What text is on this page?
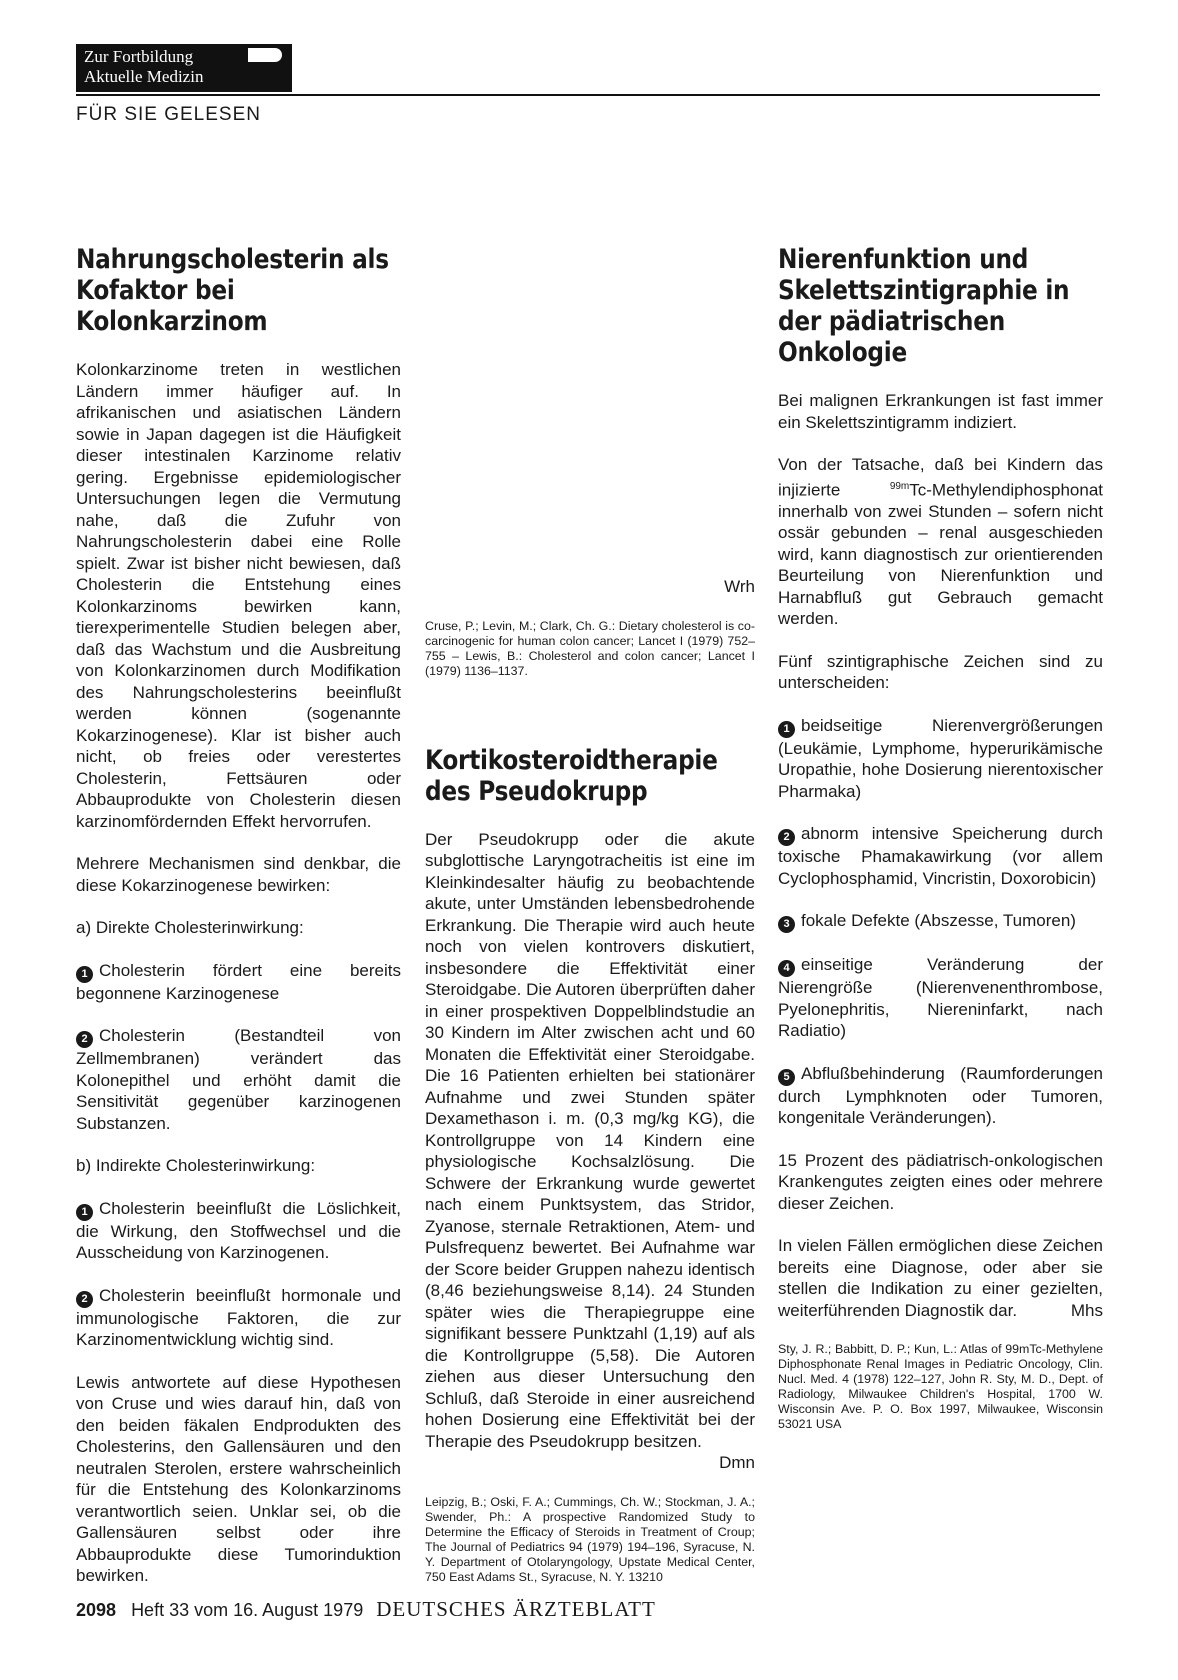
Zur Fortbildung
Aktuelle Medizin
FÜR SIE GELESEN
Nahrungscholesterin als Kofaktor bei Kolonkarzinom

Kolonkarzinome treten in westlichen Ländern immer häufiger auf. In afrikanischen und asiatischen Ländern sowie in Japan dagegen ist die Häufigkeit dieser intestinalen Karzinome relativ gering. Ergebnisse epidemiologischer Untersuchungen legen die Vermutung nahe, daß die Zufuhr von Nahrungscholesterin dabei eine Rolle spielt. Zwar ist bisher nicht bewiesen, daß Cholesterin die Entstehung eines Kolonkarzinoms bewirken kann, tierexperimentelle Studien belegen aber, daß das Wachstum und die Ausbreitung von Kolonkarzinomen durch Modifikation des Nahrungscholesterins beeinflußt werden können (sogenannte Kokarzinogenese). Klar ist bisher auch nicht, ob freies oder verestertes Cholesterin, Fettsäuren oder Abbauprodukte von Cholesterin diesen karzinomfördernden Effekt hervorrufen.

Mehrere Mechanismen sind denkbar, die diese Kokarzinogenese bewirken:

a) Direkte Cholesterinwirkung:

1 Cholesterin fördert eine bereits begonnene Karzinogenese

2 Cholesterin (Bestandteil von Zellmembranen) verändert das Kolonepithel und erhöht damit die Sensitivität gegenüber karzinogenen Substanzen.

b) Indirekte Cholesterinwirkung:

1 Cholesterin beeinflußt die Löslichkeit, die Wirkung, den Stoffwechsel und die Ausscheidung von Karzinogenen.

2 Cholesterin beeinflußt hormonale und immunologische Faktoren, die zur Karzinomentwicklung wichtig sind.

Lewis antwortete auf diese Hypothesen von Cruse und wies darauf hin, daß von den beiden fäkalen Endprodukten des Cholesterins, den Gallensäuren und den neutralen Sterolen, erstere wahrscheinlich für die Entstehung des Kolonkarzinoms verantwortlich seien. Unklar sei, ob die Gallensäuren selbst oder ihre Abbauprodukte diese Tumorinduktion bewirken.

Wrh

Cruse, P.; Levin, M.; Clark, Ch. G.: Dietary cholesterol is co-carcinogenic for human colon cancer; Lancet I (1979) 752–755 – Lewis, B.: Cholesterol and colon cancer; Lancet I (1979) 1136–1137.
Kortikosteroidtherapie des Pseudokrupp

Der Pseudokrupp oder die akute subglottische Laryngotracheitis ist eine im Kleinkindesalter häufig zu beobachtende akute, unter Umständen lebensbedrohende Erkrankung. Die Therapie wird auch heute noch von vielen kontrovers diskutiert, insbesondere die Effektivität einer Steroidgabe. Die Autoren überprüften daher in einer prospektiven Doppelblindstudie an 30 Kindern im Alter zwischen acht und 60 Monaten die Effektivität einer Steroidgabe. Die 16 Patienten erhielten bei stationärer Aufnahme und zwei Stunden später Dexamethason i. m. (0,3 mg/kg KG), die Kontrollgruppe von 14 Kindern eine physiologische Kochsalzlösung. Die Schwere der Erkrankung wurde gewertet nach einem Punktsystem, das Stridor, Zyanose, sternale Retraktionen, Atem- und Pulsfrequenz bewertet. Bei Aufnahme war der Score beider Gruppen nahezu identisch (8,46 beziehungsweise 8,14). 24 Stunden später wies die Therapiegruppe eine signifikant bessere Punktzahl (1,19) auf als die Kontrollgruppe (5,58). Die Autoren ziehen aus dieser Untersuchung den Schluß, daß Steroide in einer ausreichend hohen Dosierung eine Effektivität bei der Therapie des Pseudokrupp besitzen.

Dmn

Leipzig, B.; Oski, F. A.; Cummings, Ch. W.; Stockman, J. A.; Swender, Ph.: A prospective Randomized Study to Determine the Efficacy of Steroids in Treatment of Croup; The Journal of Pediatrics 94 (1979) 194–196, Syracuse, N. Y. Department of Otolaryngology, Upstate Medical Center, 750 East Adams St., Syracuse, N. Y. 13210
Nierenfunktion und Skelettszintigraphie in der pädiatrischen Onkologie

Bei malignen Erkrankungen ist fast immer ein Skelettszintigramm indiziert.

Von der Tatsache, daß bei Kindern das injizierte $^{99m}$Tc-Methylendiphosphonat innerhalb von zwei Stunden – sofern nicht ossär gebunden – renal ausgeschieden wird, kann diagnostisch zur orientierenden Beurteilung von Nierenfunktion und Harnabfluß gut Gebrauch gemacht werden.

Fünf szintigraphische Zeichen sind zu unterscheiden:

1 beidseitige Nierenvergrößerungen (Leukämie, Lymphome, hyperurikämische Uropathie, hohe Dosierung nierentoxischer Pharmaka)

2 abnorm intensive Speicherung durch toxische Phamakawirkung (vor allem Cyclophosphamid, Vincristin, Doxorobicin)

3 fokale Defekte (Abszesse, Tumoren)

4 einseitige Veränderung der Nierengröße (Nierenvenenthrombose, Pyelonephritis, Niereninfarkt, nach Radiatio)

5 Abflußbehinderung (Raumforderungen durch Lymphknoten oder Tumoren, kongenitale Veränderungen).

15 Prozent des pädiatrisch-onkologischen Krankengutes zeigten eines oder mehrere dieser Zeichen.

In vielen Fällen ermöglichen diese Zeichen bereits eine Diagnose, oder aber sie stellen die Indikation zu einer gezielten, weiterführenden Diagnostik dar.	Mhs

Sty, J. R.; Babbitt, D. P.; Kun, L.: Atlas of 99mTc-Methylene Diphosphonate Renal Images in Pediatric Oncology, Clin. Nucl. Med. 4 (1978) 122–127, John R. Sty, M. D., Dept. of Radiology, Milwaukee Children's Hospital, 1700 W. Wisconsin Ave. P. O. Box 1997, Milwaukee, Wisconsin 53021 USA
2098 Heft 33 vom 16. August 1979 DEUTSCHES ÄRZTEBLATT
